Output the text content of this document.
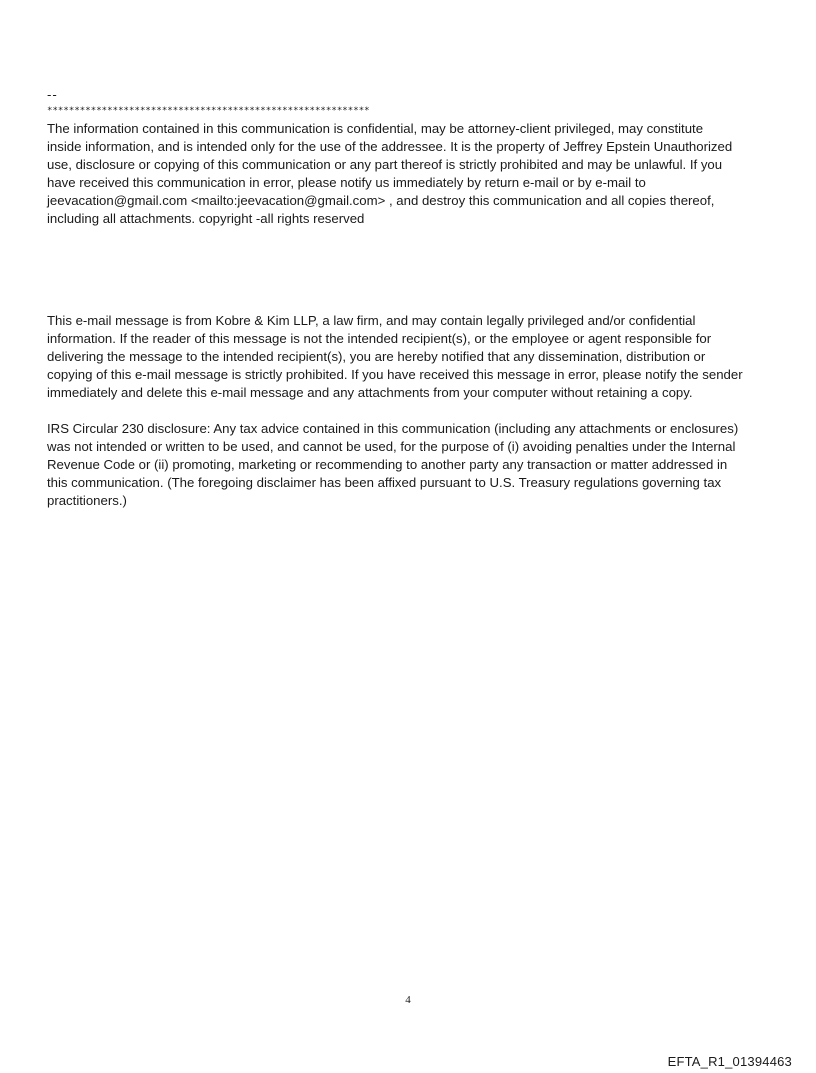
--
***********************************************************
The information contained in this communication is confidential, may be attorney-client privileged, may constitute
inside information, and is intended only for the use of the addressee. It is the property of Jeffrey Epstein Unauthorized
use, disclosure or copying of this communication or any part thereof is strictly prohibited and may be unlawful. If you
have received this communication in error, please notify us immediately by return e-mail or by e-mail to
jeevacation@gmail.com <mailto:jeevacation@gmail.com> , and destroy this communication and all copies thereof,
including all attachments. copyright -all rights reserved
This e-mail message is from Kobre & Kim LLP, a law firm, and may contain legally privileged and/or confidential
information. If the reader of this message is not the intended recipient(s), or the employee or agent responsible for
delivering the message to the intended recipient(s), you are hereby notified that any dissemination, distribution or
copying of this e-mail message is strictly prohibited. If you have received this message in error, please notify the sender
immediately and delete this e-mail message and any attachments from your computer without retaining a copy.
IRS Circular 230 disclosure: Any tax advice contained in this communication (including any attachments or enclosures)
was not intended or written to be used, and cannot be used, for the purpose of (i) avoiding penalties under the Internal
Revenue Code or (ii) promoting, marketing or recommending to another party any transaction or matter addressed in
this communication. (The foregoing disclaimer has been affixed pursuant to U.S. Treasury regulations governing tax
practitioners.)
4
EFTA_R1_01394463
